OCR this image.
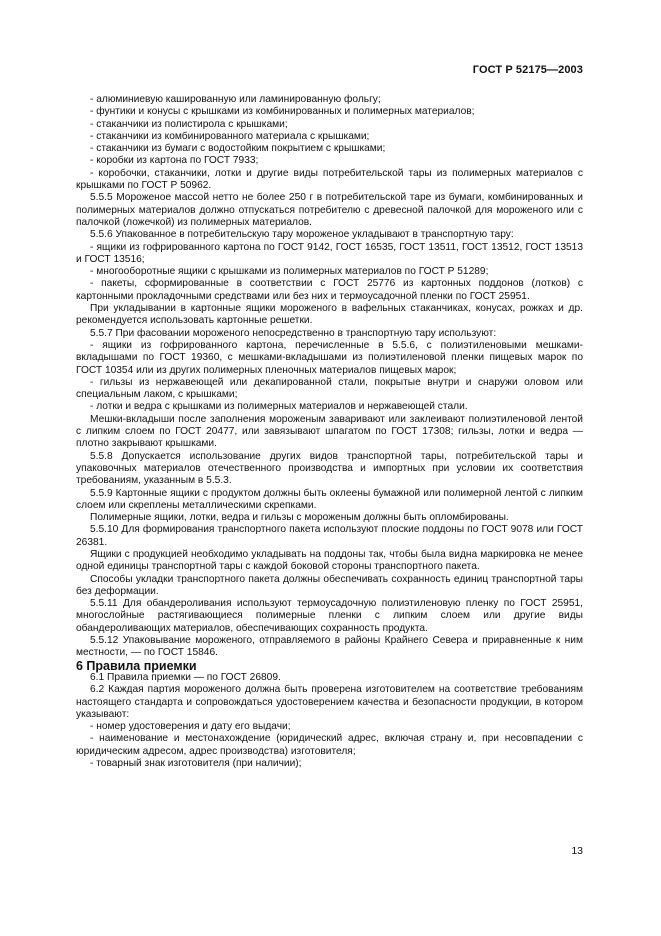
ГОСТ Р 52175—2003

- алюминиевую кашированную или ламинированную фольгу;

- фунтики и конусы с крышками из комбинированных и полимерных материалов;

- стаканчики из полистирола с крышками;

- стаканчики из комбинированного материала с крышками;

- стаканчики из бумаги с водостойким покрытием с крышками;

- коробки из картона по ГОСТ 7933;

- коробочки, стаканчики, лотки и другие виды потребительской тары из полимерных материалов с крышками по ГОСТ Р 50962.

5.5.5 Мороженое массой нетто не более 250 г в потребительской таре из бумаги, комбинированных и полимерных материалов должно отпускаться потребителю с древесной палочкой для мороженого или с палочкой (ложечкой) из полимерных материалов.

5.5.6 Упакованное в потребительскую тару мороженое укладывают в транспортную тару:

- ящики из гофрированного картона по ГОСТ 9142, ГОСТ 16535, ГОСТ 13511, ГОСТ 13512, ГОСТ 13513 и ГОСТ 13516;

- многооборотные ящики с крышками из полимерных материалов по ГОСТ Р 51289;

- пакеты, сформированные в соответствии с ГОСТ 25776 из картонных поддонов (лотков) с картонными прокладочными средствами или без них и термоусадочной пленки по ГОСТ 25951.

При укладывании в картонные ящики мороженого в вафельных стаканчиках, конусах, рожках и др. рекомендуется использовать картонные решетки.

5.5.7 При фасовании мороженого непосредственно в транспортную тару используют:

- ящики из гофрированного картона, перечисленные в 5.5.6, с полиэтиленовыми мешками-вкладышами по ГОСТ 19360, с мешками-вкладышами из полиэтиленовой пленки пищевых марок по ГОСТ 10354 или из других полимерных пленочных материалов пищевых марок;

- гильзы из нержавеющей или декапированной стали, покрытые внутри и снаружи оловом или специальным лаком, с крышками;

- лотки и ведра с крышками из полимерных материалов и нержавеющей стали.

Мешки-вкладыши после заполнения мороженым заваривают или заклеивают полиэтиленовой лентой с липким слоем по ГОСТ 20477, или завязывают шпагатом по ГОСТ 17308; гильзы, лотки и ведра — плотно закрывают крышками.

5.5.8 Допускается использование других видов транспортной тары, потребительской тары и упаковочных материалов отечественного производства и импортных при условии их соответствия требованиям, указанным в 5.5.3.

5.5.9 Картонные ящики с продуктом должны быть оклеены бумажной или полимерной лентой с липким слоем или скреплены металлическими скрепками.

Полимерные ящики, лотки, ведра и гильзы с мороженым должны быть опломбированы.

5.5.10 Для формирования транспортного пакета используют плоские поддоны по ГОСТ 9078 или ГОСТ 26381.

Ящики с продукцией необходимо укладывать на поддоны так, чтобы была видна маркировка не менее одной единицы транспортной тары с каждой боковой стороны транспортного пакета.

Способы укладки транспортного пакета должны обеспечивать сохранность единиц транспортной тары без деформации.

5.5.11 Для обандероливания используют термоусадочную полиэтиленовую пленку по ГОСТ 25951, многослойные растягивающиеся полимерные пленки с липким слоем или другие виды обандероливающих материалов, обеспечивающих сохранность продукта.

5.5.12 Упаковывание мороженого, отправляемого в районы Крайнего Севера и приравненные к ним местности, — по ГОСТ 15846.

6 Правила приемки

6.1 Правила приемки — по ГОСТ 26809.

6.2 Каждая партия мороженого должна быть проверена изготовителем на соответствие требованиям настоящего стандарта и сопровождаться удостоверением качества и безопасности продукции, в котором указывают:

- номер удостоверения и дату его выдачи;

- наименование и местонахождение (юридический адрес, включая страну и, при несовпадении с юридическим адресом, адрес производства) изготовителя;

- товарный знак изготовителя (при наличии);

13
